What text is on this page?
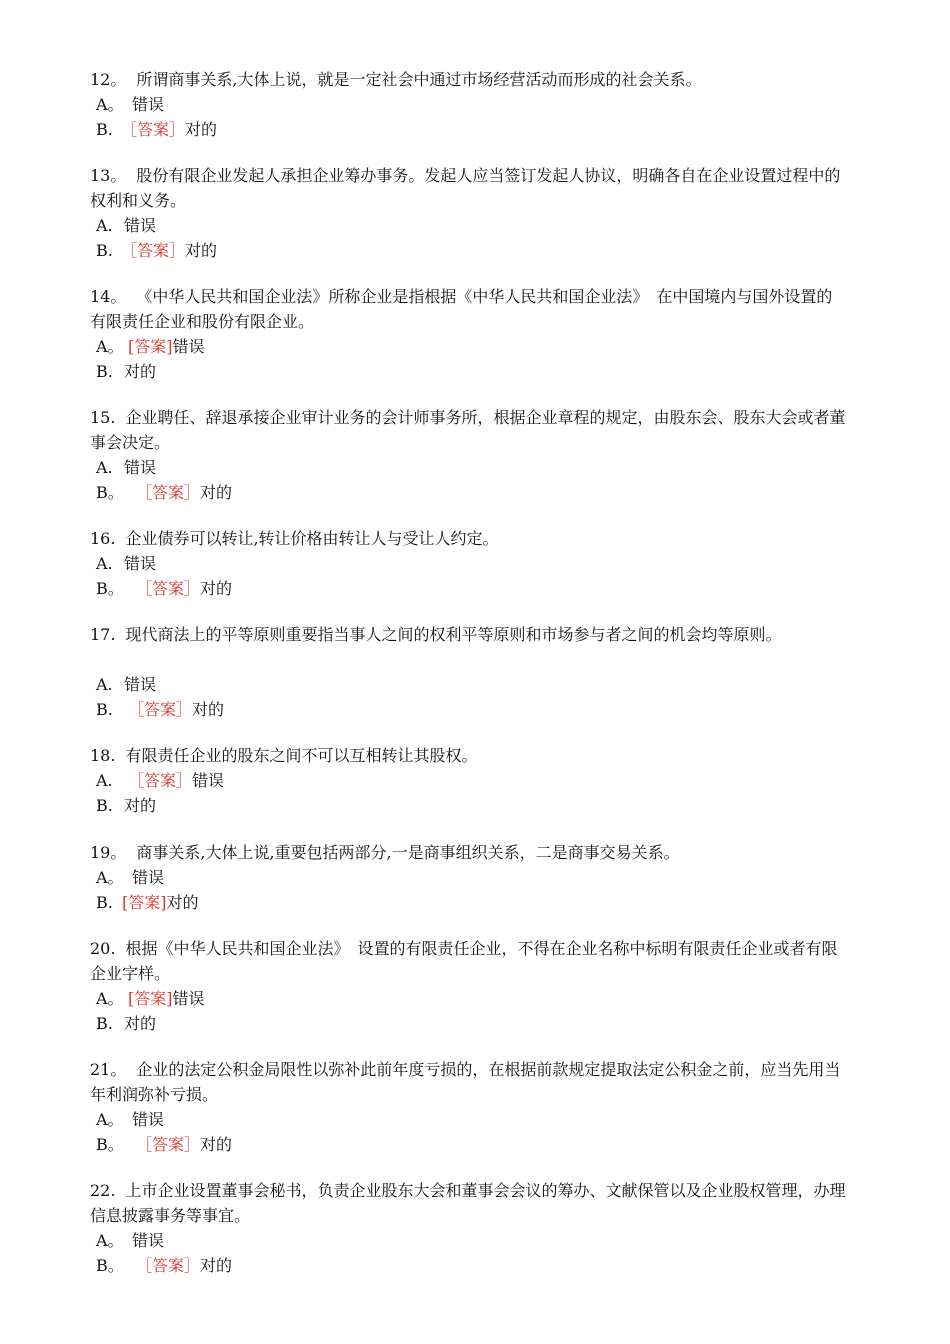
12。 所谓商事关系,大体上说，就是一定社会中通过市场经营活动而形成的社会关系。

A。 错误
B. ［答案］对的

13。 股份有限企业发起人承担企业筹办事务。发起人应当签订发起人协议，明确各自在企业设置过程中的权利和义务。

A. 错误
B. ［答案］对的

14。 《中华人民共和国企业法》所称企业是指根据《中华人民共和国企业法》　在中国境内与国外设置的有限责任企业和股份有限企业。

A。 [答案]错误
B. 对的

15. 企业聘任、辞退承接企业审计业务的会计师事务所，根据企业章程的规定，由股东会、股东大会或者董事会决定。

A. 错误
B。 ［答案］对的

16. 企业债券可以转让,转让价格由转让人与受让人约定。

A. 错误
B。 ［答案］对的

17. 现代商法上的平等原则重要指当事人之间的权利平等原则和市场参与者之间的机会均等原则。

A. 错误
B. ［答案］对的

18. 有限责任企业的股东之间不可以互相转让其股权。

A. ［答案］错误
B. 对的

19。 商事关系,大体上说,重要包括两部分,一是商事组织关系，二是商事交易关系。

A。 错误
B. [答案]对的

20. 根据《中华人民共和国企业法》　设置的有限责任企业，不得在企业名称中标明有限责任企业或者有限企业字样。

A。 [答案]错误
B. 对的

21。 企业的法定公积金局限性以弥补此前年度亏损的，在根据前款规定提取法定公积金之前，应当先用当年利润弥补亏损。

A。 错误
B。 ［答案］对的

22. 上市企业设置董事会秘书，负责企业股东大会和董事会会议的筹办、文献保管以及企业股权管理，办理信息披露事务等事宜。

A。 错误
B。 ［答案］对的
